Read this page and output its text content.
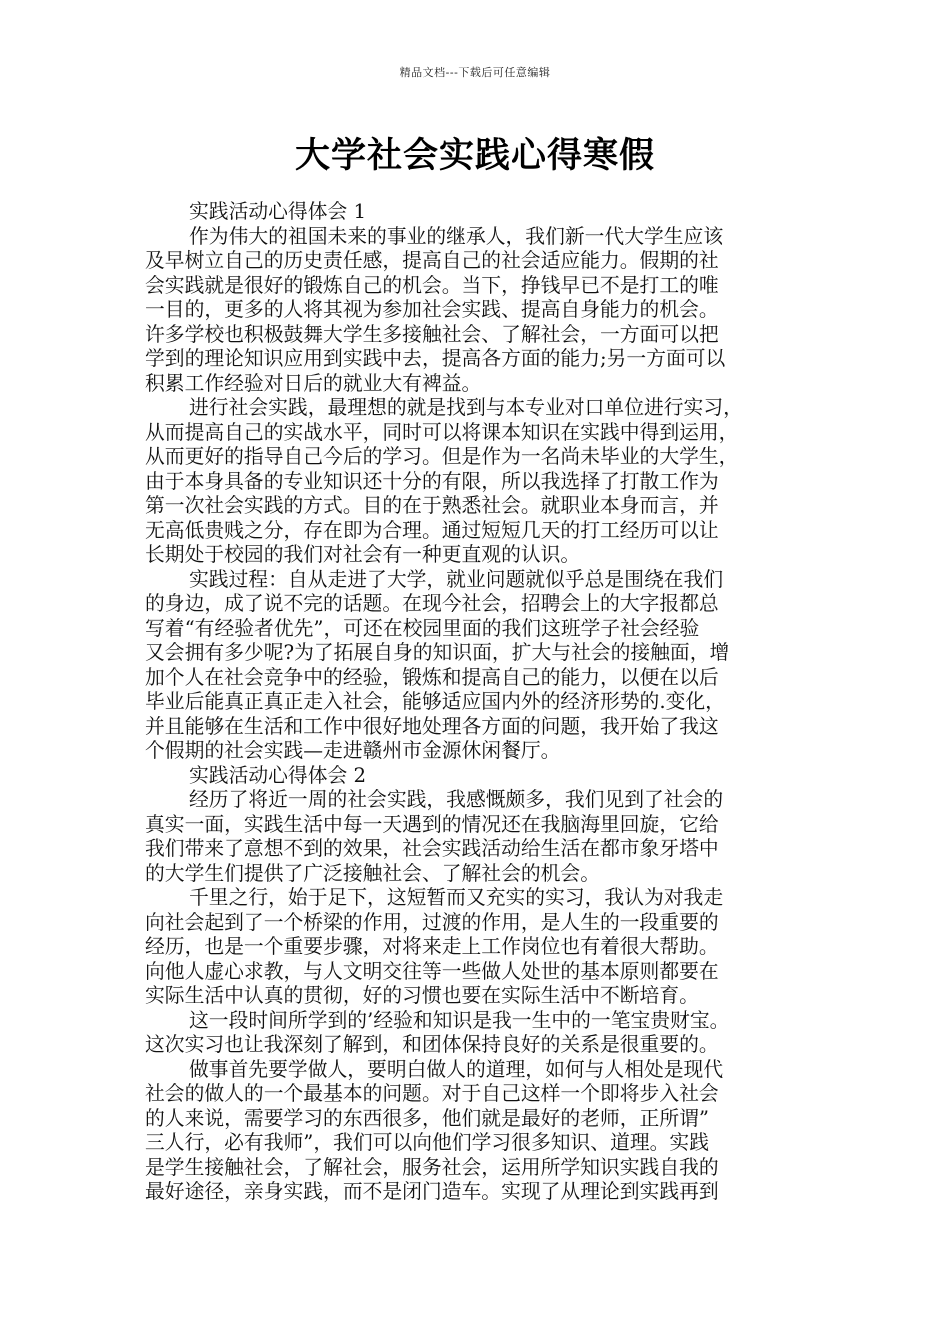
精品文档---下载后可任意编辑
大学社会实践心得寒假
实践活动心得体会 1
作为伟大的祖国未来的事业的继承人，我们新一代大学生应该
及早树立自己的历史责任感，提高自己的社会适应能力。假期的社
会实践就是很好的锻炼自己的机会。当下，挣钱早已不是打工的唯
一目的，更多的人将其视为参加社会实践、提高自身能力的机会。
许多学校也积极鼓舞大学生多接触社会、了解社会，一方面可以把
学到的理论知识应用到实践中去，提高各方面的能力;另一方面可以
积累工作经验对日后的就业大有裨益。
进行社会实践，最理想的就是找到与本专业对口单位进行实习，
从而提高自己的实战水平，同时可以将课本知识在实践中得到运用，
从而更好的指导自己今后的学习。但是作为一名尚未毕业的大学生，
由于本身具备的专业知识还十分的有限，所以我选择了打散工作为
第一次社会实践的方式。目的在于熟悉社会。就职业本身而言，并
无高低贵贱之分，存在即为合理。通过短短几天的打工经历可以让
长期处于校园的我们对社会有一种更直观的认识。
实践过程：自从走进了大学，就业问题就似乎总是围绕在我们
的身边，成了说不完的话题。在现今社会，招聘会上的大字报都总
写着“有经验者优先”，可还在校园里面的我们这班学子社会经验
又会拥有多少呢?为了拓展自身的知识面，扩大与社会的接触面，增
加个人在社会竞争中的经验，锻炼和提高自己的能力，以便在以后
毕业后能真正真正走入社会，能够适应国内外的经济形势的.变化，
并且能够在生活和工作中很好地处理各方面的问题，我开始了我这
个假期的社会实践—走进赣州市金源休闲餐厅。
实践活动心得体会 2
经历了将近一周的社会实践，我感慨颇多，我们见到了社会的
真实一面，实践生活中每一天遇到的情况还在我脑海里回旋，它给
我们带来了意想不到的效果，社会实践活动给生活在都市象牙塔中
的大学生们提供了广泛接触社会、了解社会的机会。
千里之行，始于足下，这短暂而又充实的实习，我认为对我走
向社会起到了一个桥梁的作用，过渡的作用，是人生的一段重要的
经历，也是一个重要步骤，对将来走上工作岗位也有着很大帮助。
向他人虚心求教，与人文明交往等一些做人处世的基本原则都要在
实际生活中认真的贯彻，好的习惯也要在实际生活中不断培育。
这一段时间所学到的’经验和知识是我一生中的一笔宝贵财宝。
这次实习也让我深刻了解到，和团体保持良好的关系是很重要的。
做事首先要学做人，要明白做人的道理，如何与人相处是现代
社会的做人的一个最基本的问题。对于自己这样一个即将步入社会
的人来说，需要学习的东西很多，他们就是最好的老师，正所谓”
三人行，必有我师”，我们可以向他们学习很多知识、道理。实践
是学生接触社会，了解社会，服务社会，运用所学知识实践自我的
最好途径，亲身实践，而不是闭门造车。实现了从理论到实践再到
